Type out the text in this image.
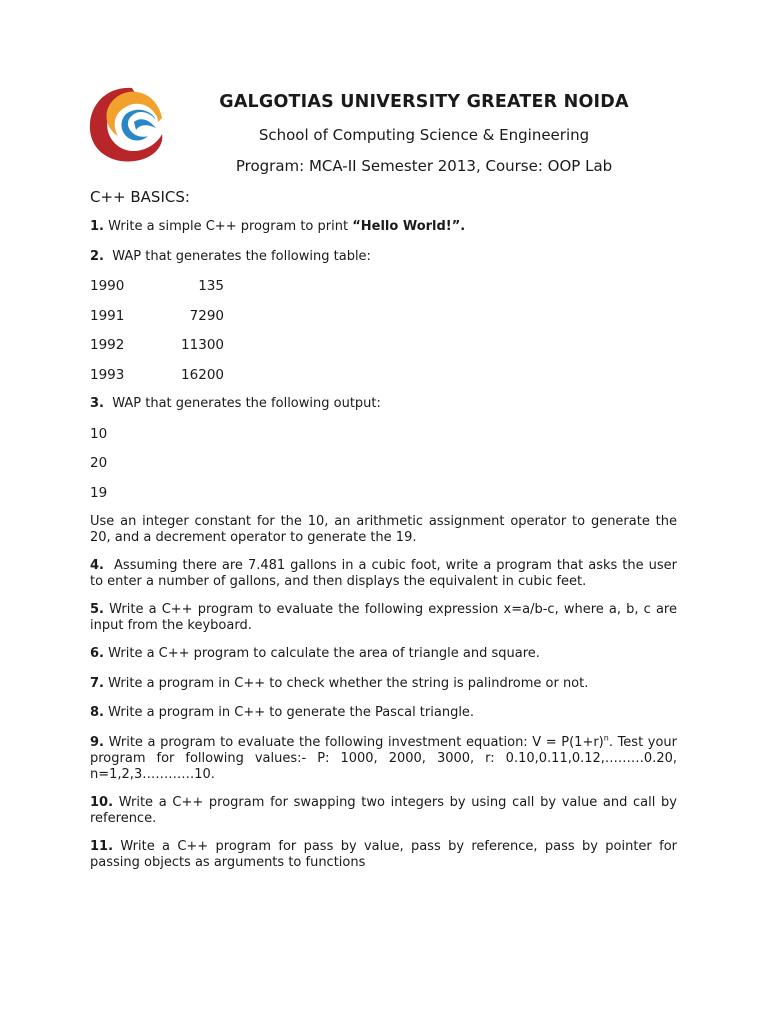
GALGOTIAS UNIVERSITY GREATER NOIDA
School of Computing Science & Engineering
Program: MCA-II Semester 2013, Course: OOP Lab
C++ BASICS:
1. Write a simple C++ program to print “Hello World!”.
2. WAP that generates the following table:
1990	135
1991	7290
1992	11300
1993	16200
3. WAP that generates the following output:
10
20
19
Use an integer constant for the 10, an arithmetic assignment operator to generate the 20, and a decrement operator to generate the 19.
4. Assuming there are 7.481 gallons in a cubic foot, write a program that asks the user to enter a number of gallons, and then displays the equivalent in cubic feet.
5. Write a C++ program to evaluate the following expression x=a/b-c, where a, b, c are input from the keyboard.
6. Write a C++ program to calculate the area of triangle and square.
7. Write a program in C++ to check whether the string is palindrome or not.
8. Write a program in C++ to generate the Pascal triangle.
9. Write a program to evaluate the following investment equation: $V = P(1+r)^n$. Test your program for following values:- P: 1000, 2000, 3000, r: 0.10,0.11,0.12,………0.20, n=1,2,3…………10.
10. Write a C++ program for swapping two integers by using call by value and call by reference.
11. Write a C++ program for pass by value, pass by reference, pass by pointer for passing objects as arguments to functions
